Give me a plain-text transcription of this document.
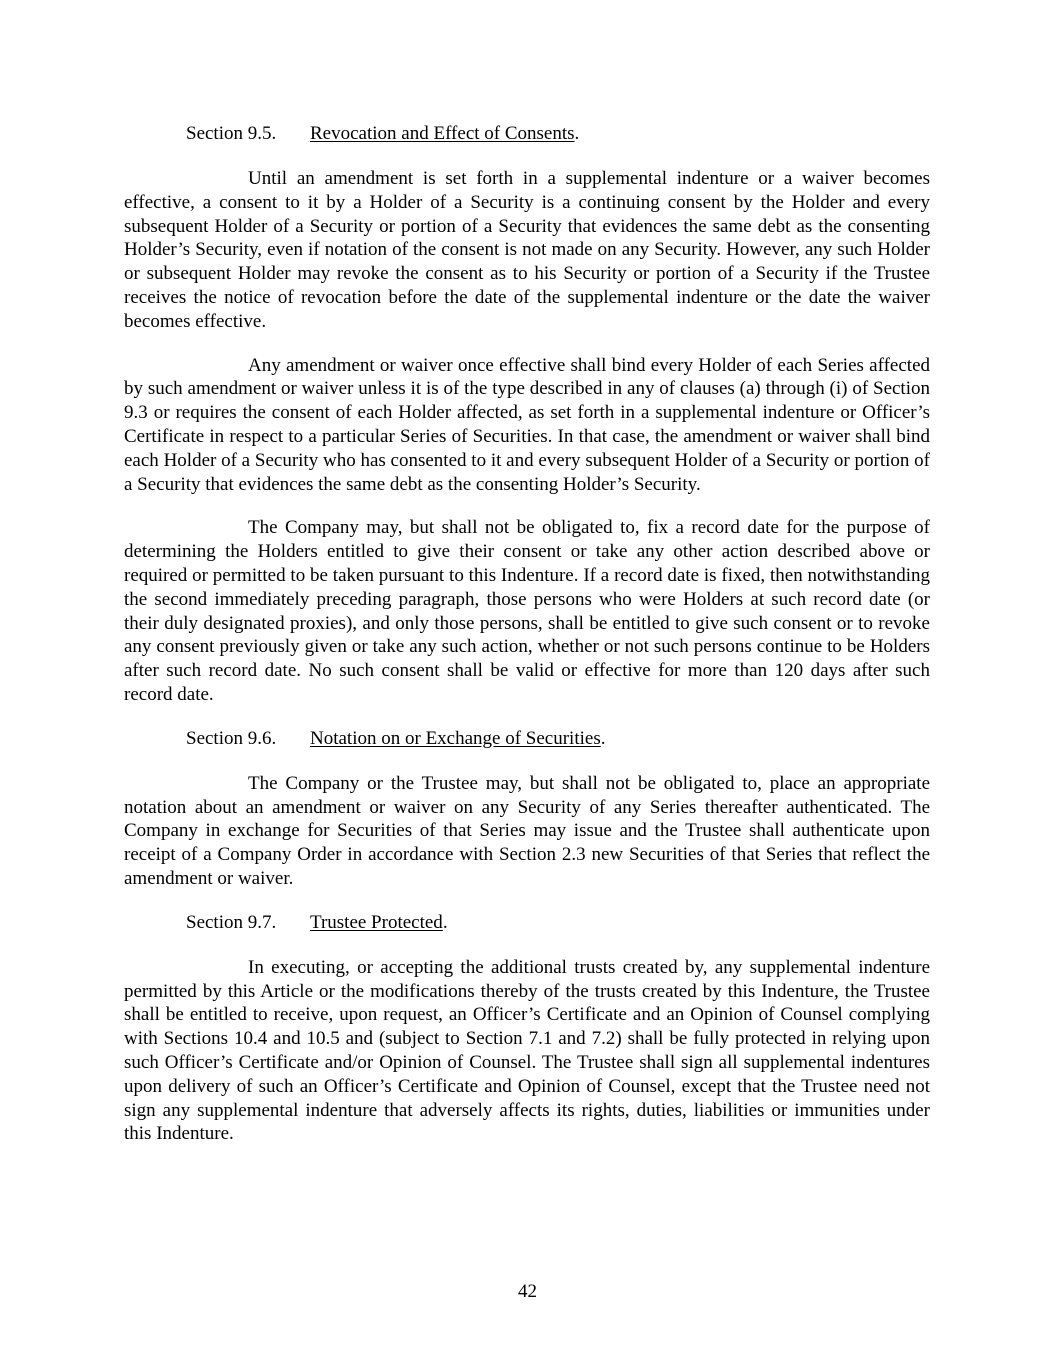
Section 9.5. Revocation and Effect of Consents.

Until an amendment is set forth in a supplemental indenture or a waiver becomes effective, a consent to it by a Holder of a Security is a continuing consent by the Holder and every subsequent Holder of a Security or portion of a Security that evidences the same debt as the consenting Holder’s Security, even if notation of the consent is not made on any Security. However, any such Holder or subsequent Holder may revoke the consent as to his Security or portion of a Security if the Trustee receives the notice of revocation before the date of the supplemental indenture or the date the waiver becomes effective.

Any amendment or waiver once effective shall bind every Holder of each Series affected by such amendment or waiver unless it is of the type described in any of clauses (a) through (i) of Section 9.3 or requires the consent of each Holder affected, as set forth in a supplemental indenture or Officer’s Certificate in respect to a particular Series of Securities. In that case, the amendment or waiver shall bind each Holder of a Security who has consented to it and every subsequent Holder of a Security or portion of a Security that evidences the same debt as the consenting Holder’s Security.

The Company may, but shall not be obligated to, fix a record date for the purpose of determining the Holders entitled to give their consent or take any other action described above or required or permitted to be taken pursuant to this Indenture. If a record date is fixed, then notwithstanding the second immediately preceding paragraph, those persons who were Holders at such record date (or their duly designated proxies), and only those persons, shall be entitled to give such consent or to revoke any consent previously given or take any such action, whether or not such persons continue to be Holders after such record date. No such consent shall be valid or effective for more than 120 days after such record date.

Section 9.6. Notation on or Exchange of Securities.

The Company or the Trustee may, but shall not be obligated to, place an appropriate notation about an amendment or waiver on any Security of any Series thereafter authenticated. The Company in exchange for Securities of that Series may issue and the Trustee shall authenticate upon receipt of a Company Order in accordance with Section 2.3 new Securities of that Series that reflect the amendment or waiver.

Section 9.7. Trustee Protected.

In executing, or accepting the additional trusts created by, any supplemental indenture permitted by this Article or the modifications thereby of the trusts created by this Indenture, the Trustee shall be entitled to receive, upon request, an Officer’s Certificate and an Opinion of Counsel complying with Sections 10.4 and 10.5 and (subject to Section 7.1 and 7.2) shall be fully protected in relying upon such Officer’s Certificate and/or Opinion of Counsel. The Trustee shall sign all supplemental indentures upon delivery of such an Officer’s Certificate and Opinion of Counsel, except that the Trustee need not sign any supplemental indenture that adversely affects its rights, duties, liabilities or immunities under this Indenture.

42
